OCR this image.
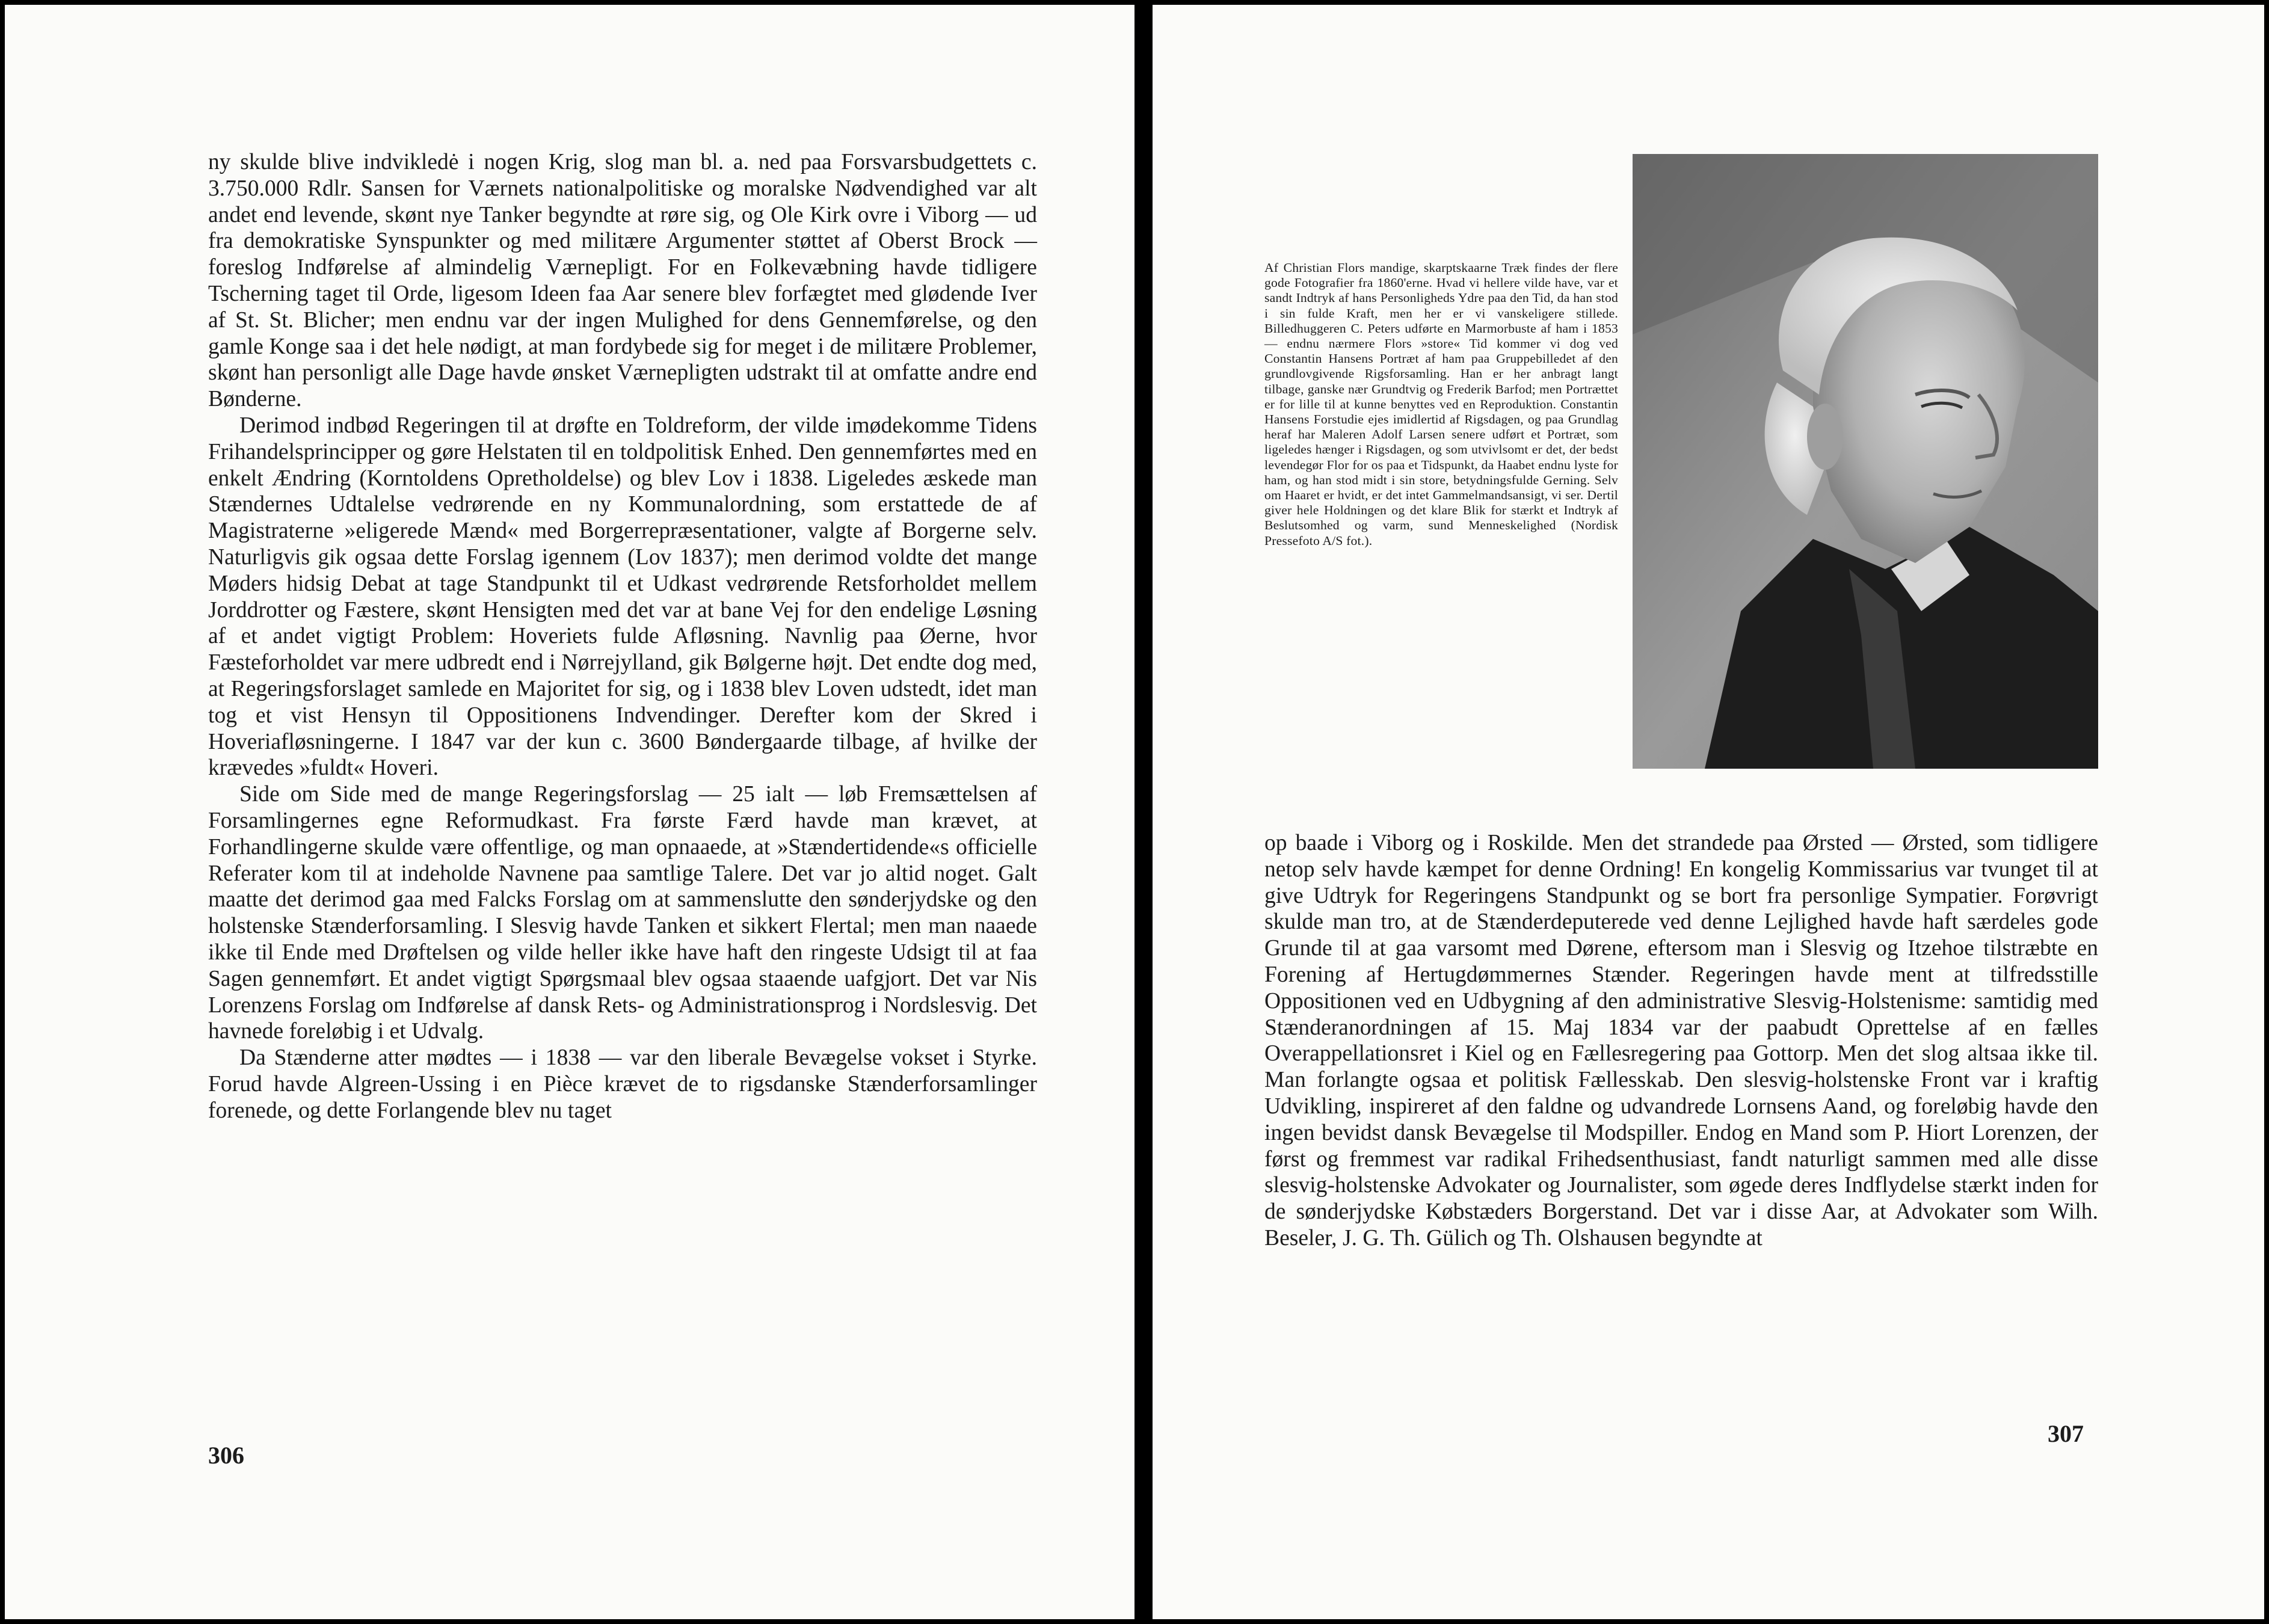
ny skulde blive indvikledė i nogen Krig, slog man bl. a. ned paa Forsvarsbudgettets c. 3.750.000 Rdlr. Sansen for Værnets nationalpolitiske og moralske Nødvendighed var alt andet end levende, skønt nye Tanker begyndte at røre sig, og Ole Kirk ovre i Viborg — ud fra demokratiske Synspunkter og med militære Argumenter støttet af Oberst Brock — foreslog Indførelse af almindelig Værnepligt. For en Folkevæbning havde tidligere Tscherning taget til Orde, ligesom Ideen faa Aar senere blev forfægtet med glødende Iver af St. St. Blicher; men endnu var der ingen Mulighed for dens Gennemførelse, og den gamle Konge saa i det hele nødigt, at man fordybede sig for meget i de militære Problemer, skønt han personligt alle Dage havde ønsket Værnepligten udstrakt til at omfatte andre end Bønderne.

Derimod indbød Regeringen til at drøfte en Toldreform, der vilde imødekomme Tidens Frihandelsprincipper og gøre Helstaten til en toldpolitisk Enhed. Den gennemførtes med en enkelt Ændring (Korntoldens Opretholdelse) og blev Lov i 1838. Ligeledes æskede man Stændernes Udtalelse vedrørende en ny Kommunalordning, som erstattede de af Magistraterne »eligerede Mænd« med Borgerrepræsentationer, valgte af Borgerne selv. Naturligvis gik ogsaa dette Forslag igennem (Lov 1837); men derimod voldte det mange Møders hidsig Debat at tage Standpunkt til et Udkast vedrørende Retsforholdet mellem Jorddrotter og Fæstere, skønt Hensigten med det var at bane Vej for den endelige Løsning af et andet vigtigt Problem: Hoveriets fulde Afløsning. Navnlig paa Øerne, hvor Fæsteforholdet var mere udbredt end i Nørrejylland, gik Bølgerne højt. Det endte dog med, at Regeringsforslaget samlede en Majoritet for sig, og i 1838 blev Loven udstedt, idet man tog et vist Hensyn til Oppositionens Indvendinger. Derefter kom der Skred i Hoveriafløsningerne. I 1847 var der kun c. 3600 Bøndergaarde tilbage, af hvilke der krævedes »fuldt« Hoveri.

Side om Side med de mange Regeringsforslag — 25 ialt — løb Fremsættelsen af Forsamlingernes egne Reformudkast. Fra første Færd havde man krævet, at Forhandlingerne skulde være offentlige, og man opnaaede, at »Stændertidende«s officielle Referater kom til at indeholde Navnene paa samtlige Talere. Det var jo altid noget. Galt maatte det derimod gaa med Falcks Forslag om at sammenslutte den sønderjydske og den holstenske Stænderforsamling. I Slesvig havde Tanken et sikkert Flertal; men man naaede ikke til Ende med Drøftelsen og vilde heller ikke have haft den ringeste Udsigt til at faa Sagen gennemført. Et andet vigtigt Spørgsmaal blev ogsaa staaende uafgjort. Det var Nis Lorenzens Forslag om Indførelse af dansk Rets- og Administrationsprog i Nordslesvig. Det havnede foreløbig i et Udvalg.

Da Stænderne atter mødtes — i 1838 — var den liberale Bevægelse vokset i Styrke. Forud havde Algreen-Ussing i en Pièce krævet de to rigsdanske Stænderforsamlinger forenede, og dette Forlangende blev nu taget

306

Af Christian Flors mandige, skarptskaarne Træk findes der flere gode Fotografier fra 1860'erne. Hvad vi hellere vilde have, var et sandt Indtryk af hans Personligheds Ydre paa den Tid, da han stod i sin fulde Kraft, men her er vi vanskeligere stillede. Billedhuggeren C. Peters udførte en Marmorbuste af ham i 1853 — endnu nærmere Flors »store« Tid kommer vi dog ved Constantin Hansens Portræt af ham paa Gruppebilledet af den grundlovgivende Rigsforsamling. Han er her anbragt langt tilbage, ganske nær Grundtvig og Frederik Barfod; men Portrættet er for lille til at kunne benyttes ved en Reproduktion. Constantin Hansens Forstudie ejes imidlertid af Rigsdagen, og paa Grundlag heraf har Maleren Adolf Larsen senere udført et Portræt, som ligeledes hænger i Rigsdagen, og som utvivlsomt er det, der bedst levendegør Flor for os paa et Tidspunkt, da Haabet endnu lyste for ham, og han stod midt i sin store, betydningsfulde Gerning. Selv om Haaret er hvidt, er det intet Gammelmandsansigt, vi ser. Dertil giver hele Holdningen og det klare Blik for stærkt et Indtryk af Beslutsomhed og varm, sund Menneskelighed (Nordisk Pressefoto A/S fot.).

op baade i Viborg og i Roskilde. Men det strandede paa Ørsted — Ørsted, som tidligere netop selv havde kæmpet for denne Ordning! En kongelig Kommissarius var tvunget til at give Udtryk for Regeringens Standpunkt og se bort fra personlige Sympatier. Forøvrigt skulde man tro, at de Stænderdeputerede ved denne Lejlighed havde haft særdeles gode Grunde til at gaa varsomt med Dørene, eftersom man i Slesvig og Itzehoe tilstræbte en Forening af Hertugdømmernes Stænder. Regeringen havde ment at tilfredsstille Oppositionen ved en Udbygning af den administrative Slesvig-Holstenisme: samtidig med Stænderanordningen af 15. Maj 1834 var der paabudt Oprettelse af en fælles Overappellationsret i Kiel og en Fællesregering paa Gottorp. Men det slog altsaa ikke til. Man forlangte ogsaa et politisk Fællesskab. Den slesvig-holstenske Front var i kraftig Udvikling, inspireret af den faldne og udvandrede Lornsens Aand, og foreløbig havde den ingen bevidst dansk Bevægelse til Modspiller. Endog en Mand som P. Hiort Lorenzen, der først og fremmest var radikal Frihedsenthusiast, fandt naturligt sammen med alle disse slesvig-holstenske Advokater og Journalister, som øgede deres Indflydelse stærkt inden for de sønderjydske Købstæders Borgerstand. Det var i disse Aar, at Advokater som Wilh. Beseler, J. G. Th. Gülich og Th. Olshausen begyndte at

307
